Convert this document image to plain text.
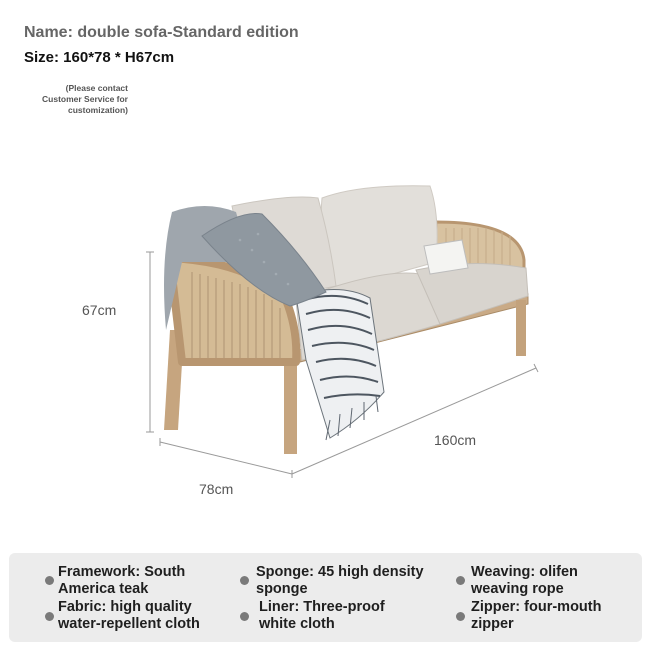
Name: double sofa-Standard edition
Size: 160*78 * H67cm
(Please contact
Customer Service for
customization)
67cm
160cm
78cm
Framework: South
America teak
Fabric: high quality
water-repellent cloth
Sponge: 45 high density
sponge
Liner: Three-proof
white cloth
Weaving: olifen
weaving rope
Zipper: four-mouth
zipper
